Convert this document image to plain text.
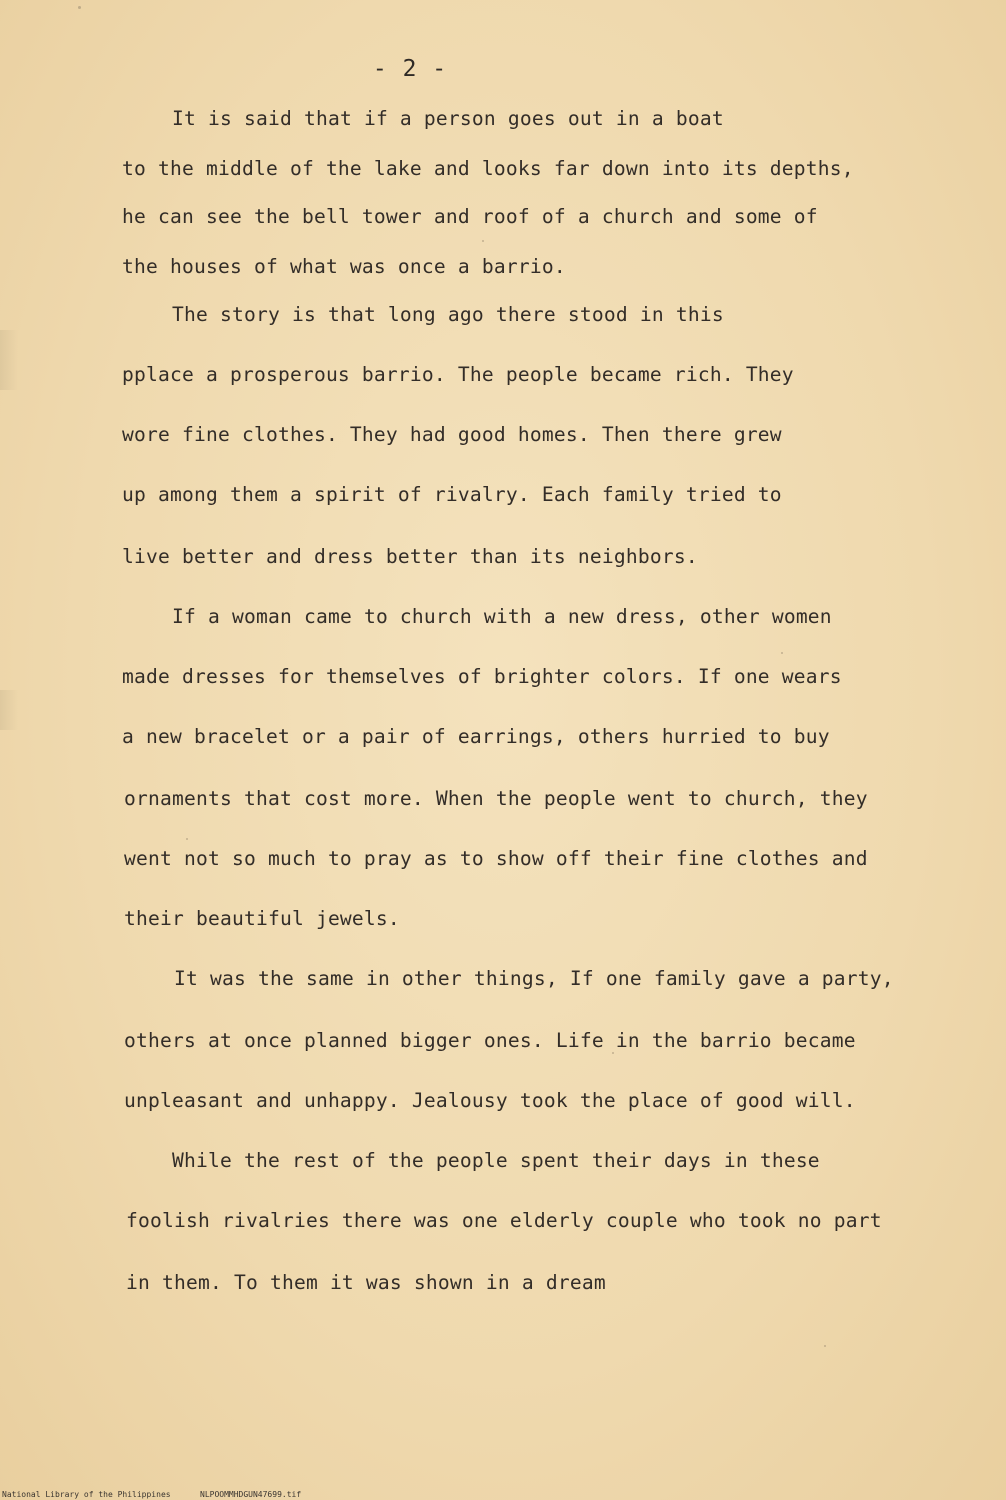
- 2 -
It is said that if a person goes out in a boat
to the middle of the lake and looks far down into its depths,
he can see the bell tower and roof of a church and some of
the houses of what was once a barrio.
The story is that long ago there stood in this
pplace a prosperous barrio. The people became rich. They
wore fine clothes. They had good homes. Then there grew
up among them a spirit of rivalry. Each family tried to
live better and dress better than its neighbors.
If a woman came to church with a new dress, other women
made dresses for themselves of brighter colors. If one wears
a new bracelet or a pair of earrings, others hurried to buy
ornaments that cost more. When the people went to church, they
went not so much to pray as to show off their fine clothes and
their beautiful jewels.
It was the same in other things, If one family gave a party,
others at once planned bigger ones. Life in the barrio became
unpleasant and unhappy. Jealousy took the place of good will.
While the rest of the people spent their days in these
foolish rivalries there was one elderly couple who took no part
in them. To them it was shown in a dream
National Library of the Philippines	NLPOOMMHDGUN47699.tif
